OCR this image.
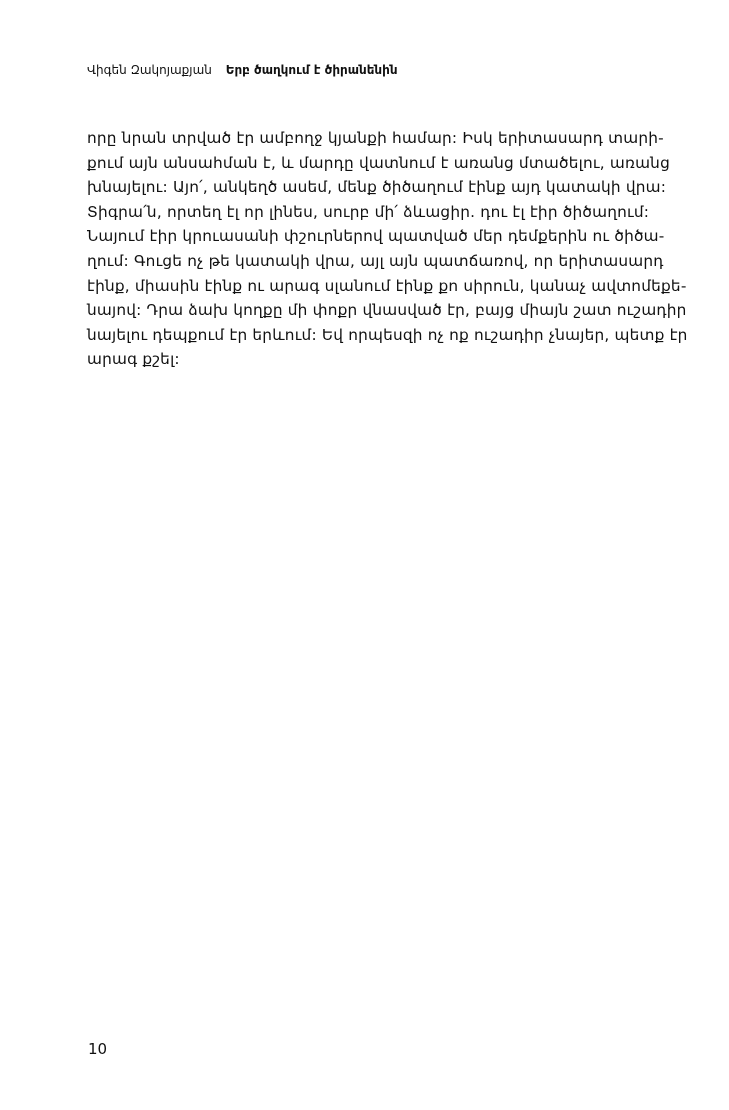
Վիգեն Զակոյաքյան Երբ ծաղկում է ծիրանենին

որը նրան տրված էր ամբողջ կյանքի համար: Իսկ երիտասարդ տարի-
քում այն անսահման է, և մարդը վատնում է առանց մտածելու, առանց
խնայելու: Այո՛, անկեղծ ասեմ, մենք ծիծաղում էինք այդ կատակի վրա:
Տիգրա՛ն, որտեղ էլ որ լինես, սուրբ մի՛ ձևացիր. դու էլ էիր ծիծաղում:
Նայում էիր կրուասանի փշուրներով պատված մեր դեմքերին ու ծիծա-
ղում: Գուցե ոչ թե կատակի վրա, այլ այն պատճառով, որ երիտասարդ
էինք, միասին էինք ու արագ սլանում էինք քո սիրուն, կանաչ ավտոմեքե-
նայով: Դրա ձախ կողքը մի փոքր վնասված էր, բայց միայն շատ ուշադիր
նայելու դեպքում էր երևում: Եվ որպեսզի ոչ ոք ուշադիր չնայեր, պետք էր
արագ քշել:

10
